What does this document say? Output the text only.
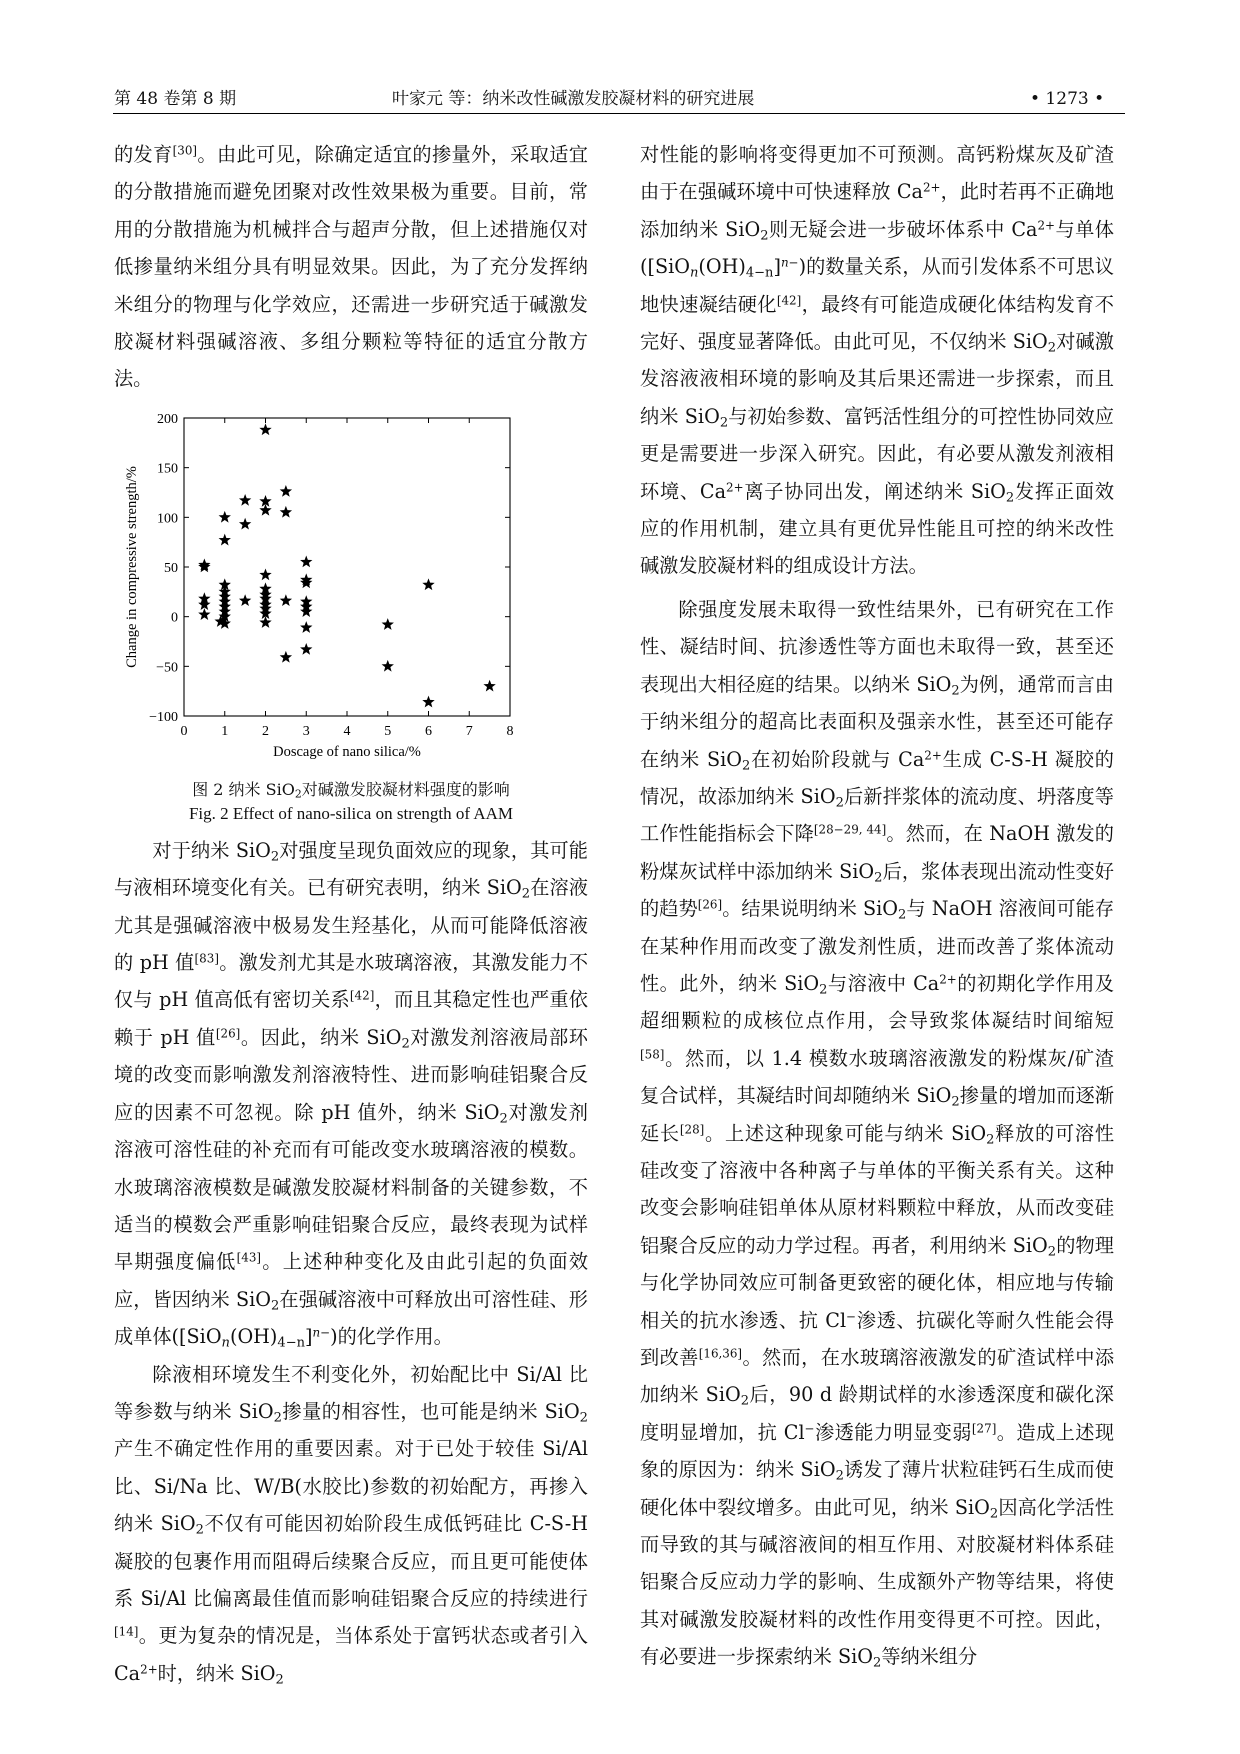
第 48 卷第 8 期	叶家元 等：纳米改性碱激发胶凝材料的研究进展	• 1273 •

的发育[30]。由此可见，除确定适宜的掺量外，采取适宜的分散措施而避免团聚对改性效果极为重要。目前，常用的分散措施为机械拌合与超声分散，但上述措施仅对低掺量纳米组分具有明显效果。因此，为了充分发挥纳米组分的物理与化学效应，还需进一步研究适于碱激发胶凝材料强碱溶液、多组分颗粒等特征的适宜分散方法。

0 1 2 3 4 5 6 7 8
−100
−50
0
50
100
150
200
Doscage of nano silica/%
Change in compressive strength/%
图 2 纳米 SiO$_2$对碱激发胶凝材料强度的影响
Fig. 2 Effect of nano-silica on strength of AAM

对于纳米 SiO$_2$对强度呈现负面效应的现象，其可能与液相环境变化有关。已有研究表明，纳米 SiO$_2$在溶液尤其是强碱溶液中极易发生羟基化，从而可能降低溶液的 pH 值[83]。激发剂尤其是水玻璃溶液，其激发能力不仅与 pH 值高低有密切关系[42]，而且其稳定性也严重依赖于 pH 值[26]。因此，纳米 SiO$_2$对激发剂溶液局部环境的改变而影响激发剂溶液特性、进而影响硅铝聚合反应的因素不可忽视。除 pH 值外，纳米 SiO$_2$对激发剂溶液可溶性硅的补充而有可能改变水玻璃溶液的模数。水玻璃溶液模数是碱激发胶凝材料制备的关键参数，不适当的模数会严重影响硅铝聚合反应，最终表现为试样早期强度偏低[43]。上述种种变化及由此引起的负面效应，皆因纳米 SiO$_2$在强碱溶液中可释放出可溶性硅、形成单体$([SiO_n(OH)_{4-n}]^{n-})$的化学作用。

除液相环境发生不利变化外，初始配比中 Si/Al 比等参数与纳米 SiO$_2$掺量的相容性，也可能是纳米 SiO$_2$产生不确定性作用的重要因素。对于已处于较佳 Si/Al 比、Si/Na 比、W/B(水胶比)参数的初始配方，再掺入纳米 SiO$_2$不仅有可能因初始阶段生成低钙硅比 C-S-H 凝胶的包裹作用而阻碍后续聚合反应，而且更可能使体系 Si/Al 比偏离最佳值而影响硅铝聚合反应的持续进行[14]。更为复杂的情况是，当体系处于富钙状态或者引入 $Ca^{2+}$时，纳米 SiO$_2$

对性能的影响将变得更加不可预测。高钙粉煤灰及矿渣由于在强碱环境中可快速释放 $Ca^{2+}$，此时若再不正确地添加纳米 SiO$_2$则无疑会进一步破坏体系中 $Ca^{2+}$与单体$([SiO_n(OH)_{4-n}]^{n-})$的数量关系，从而引发体系不可思议地快速凝结硬化[42]，最终有可能造成硬化体结构发育不完好、强度显著降低。由此可见，不仅纳米 SiO$_2$对碱激发溶液液相环境的影响及其后果还需进一步探索，而且纳米 SiO$_2$与初始参数、富钙活性组分的可控性协同效应更是需要进一步深入研究。因此，有必要从激发剂液相环境、$Ca^{2+}$离子协同出发，阐述纳米 SiO$_2$发挥正面效应的作用机制，建立具有更优异性能且可控的纳米改性碱激发胶凝材料的组成设计方法。

除强度发展未取得一致性结果外，已有研究在工作性、凝结时间、抗渗透性等方面也未取得一致，甚至还表现出大相径庭的结果。以纳米 SiO$_2$为例，通常而言由于纳米组分的超高比表面积及强亲水性，甚至还可能存在纳米 SiO$_2$在初始阶段就与 $Ca^{2+}$生成 C-S-H 凝胶的情况，故添加纳米 SiO$_2$后新拌浆体的流动度、坍落度等工作性能指标会下降[28−29, 44]。然而，在 NaOH 激发的粉煤灰试样中添加纳米 SiO$_2$后，浆体表现出流动性变好的趋势[26]。结果说明纳米 SiO$_2$与 NaOH 溶液间可能存在某种作用而改变了激发剂性质，进而改善了浆体流动性。此外，纳米 SiO$_2$与溶液中 $Ca^{2+}$的初期化学作用及超细颗粒的成核位点作用，会导致浆体凝结时间缩短[58]。然而，以 1.4 模数水玻璃溶液激发的粉煤灰/矿渣复合试样，其凝结时间却随纳米 SiO$_2$掺量的增加而逐渐延长[28]。上述这种现象可能与纳米 SiO$_2$释放的可溶性硅改变了溶液中各种离子与单体的平衡关系有关。这种改变会影响硅铝单体从原材料颗粒中释放，从而改变硅铝聚合反应的动力学过程。再者，利用纳米 SiO$_2$的物理与化学协同效应可制备更致密的硬化体，相应地与传输相关的抗水渗透、抗 Cl−渗透、抗碳化等耐久性能会得到改善[16,36]。然而，在水玻璃溶液激发的矿渣试样中添加纳米 SiO$_2$后，90 d 龄期试样的水渗透深度和碳化深度明显增加，抗 Cl−渗透能力明显变弱[27]。造成上述现象的原因为：纳米 SiO$_2$诱发了薄片状粒硅钙石生成而使硬化体中裂纹增多。由此可见，纳米 SiO$_2$因高化学活性而导致的其与碱溶液间的相互作用、对胶凝材料体系硅铝聚合反应动力学的影响、生成额外产物等结果，将使其对碱激发胶凝材料的改性作用变得更不可控。因此，有必要进一步探索纳米 SiO$_2$等纳米组分
